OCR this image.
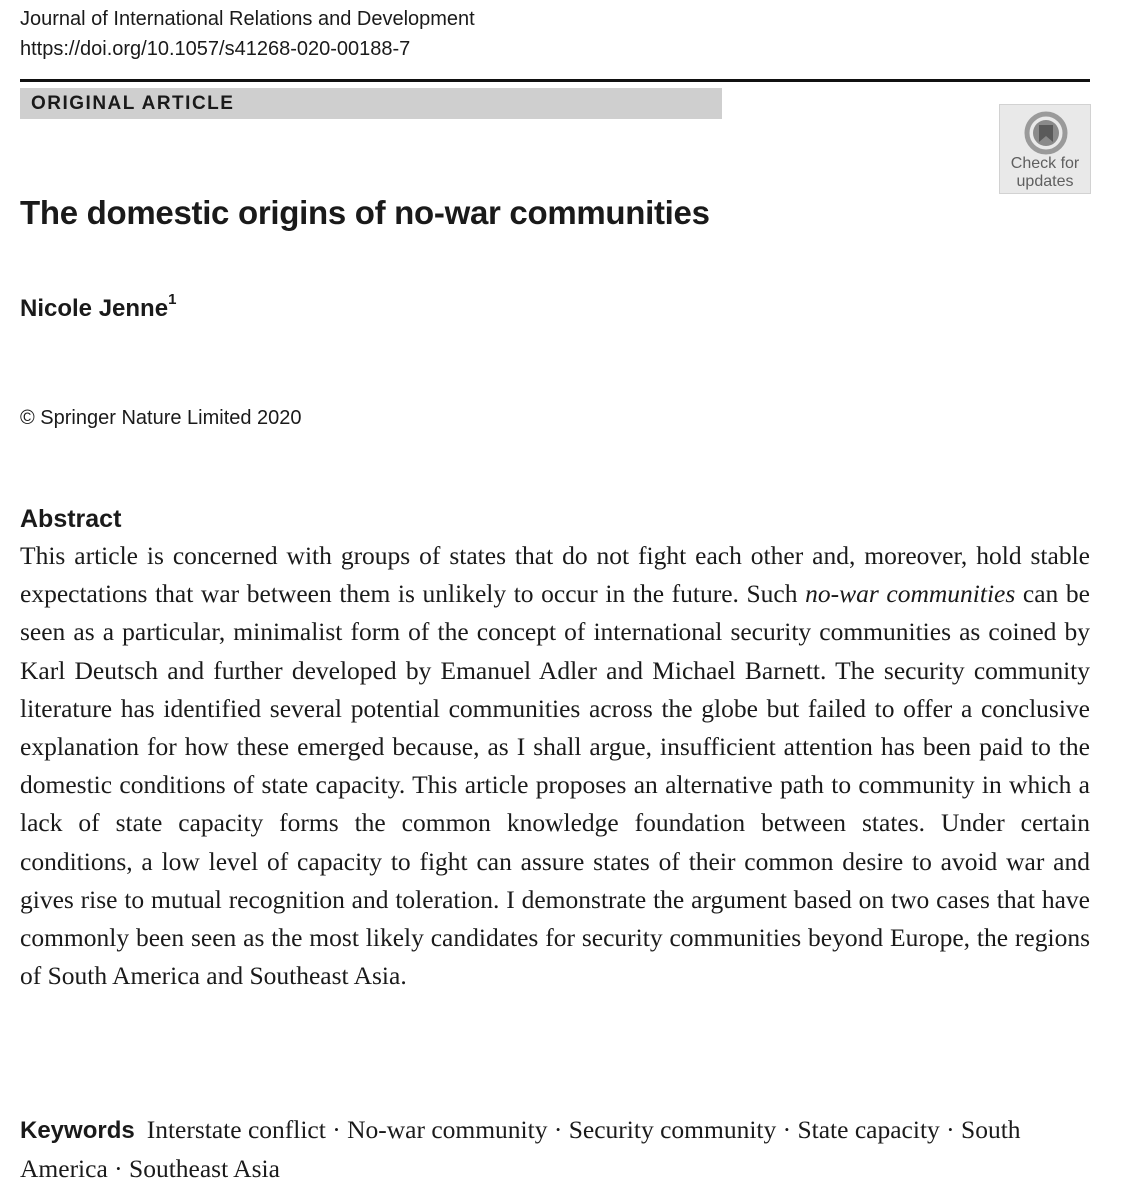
Journal of International Relations and Development
https://doi.org/10.1057/s41268-020-00188-7
ORIGINAL ARTICLE
Check for
updates
The domestic origins of no-war communities
Nicole Jenne$^1$
© Springer Nature Limited 2020
Abstract

This article is concerned with groups of states that do not fight each other and, moreover, hold stable expectations that war between them is unlikely to occur in the future. Such no-war communities can be seen as a particular, minimalist form of the concept of international security communities as coined by Karl Deutsch and further developed by Emanuel Adler and Michael Barnett. The security community literature has identified several potential communities across the globe but failed to offer a conclusive explanation for how these emerged because, as I shall argue, insufficient attention has been paid to the domestic conditions of state capacity. This article proposes an alternative path to community in which a lack of state capacity forms the common knowledge foundation between states. Under certain conditions, a low level of capacity to fight can assure states of their common desire to avoid war and gives rise to mutual recognition and toleration. I demonstrate the argument based on two cases that have commonly been seen as the most likely candidates for security communities beyond Europe, the regions of South America and Southeast Asia.

Keywords Interstate conflict · No-war community · Security community · State capacity · South America · Southeast Asia
